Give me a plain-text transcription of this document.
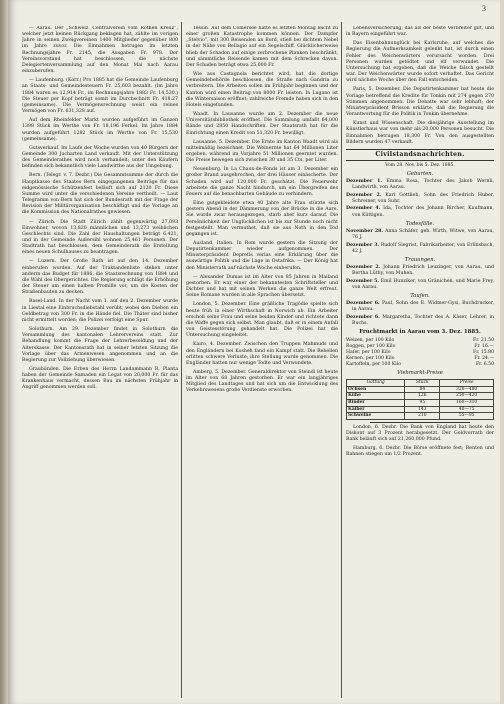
3
— Aarau. Der „Schweiz. Centralverein vom Rothen Kreuz“, welcher jetzt keinen Rückgang beklagen hat, zählte im vorigen Jahre in seinen Zweigvereinen 1400 Mitglieder gegenüber 800 im Jahre zuvor. Die Einnahmen betrugen im letzten Rechnungsjahre Fr. 2145, die Ausgaben Fr. 978. Der Vereinsvorstand hat beschlossen, die nächste Delegiertenversammlung auf den Monat Mai nach Aarau einzuberufen.
— Laufenburg. (Korr.) Pro 1885 hat die Gemeinde Laufenburg an Staats- und Gemeindesteuern Fr. 25,603 bezahlt. (Im Jahre 1884 waren es 12,914 Fr., im Rechnungsjahre 1883 Fr. 14,530.) Die Steuer per Kopf beträgt somit im Durchschnitt Fr. 418.27 (gemeinsame). Die Vermögensrechnung weist ein reines Vermögen von Fr. 631,328 auf.
Auf dem Rheinfelder Markt wurden aufgeführt im Ganzen 1398 Stück im Werthe von Fr. 18,196 Ferkel. Im Jahre 1884 wurden aufgeführt 1282 Stück im Werthe von Fr. 15,530 (gemeinsame).
Gutsverkauf. Im Laufe der Woche wurden von 40 Bürgern der Gemeinde 300 Jucharten Land verkauft. Mit der Unterstützung des Gemeinderathes wird noch verhandelt; unter den Käufern befinden sich bekanntlich viele Landwirthe aus der Umgebung.
Bern. (Telegr. v. 7. Dezbr.) Die Gesammtsumme der durch die Hauptkasse des Staates Bern eingegangenen Beiträge für das eidgenössische Schützenfest beläuft sich auf 2120 Fr. Diese Summe wird unter die verschiedenen Vereine vertheilt. — Laut Telegramm von Bern hat sich der Bundesrath mit der Frage der Revision der Militärorganisation beschäftigt und die Vorlage an die Kommission des Nationalrathes gewiesen.
— Zürich. Die Stadt Zürich zählt gegenwärtig 27,093 Einwohner, wovon 13,820 männlichen und 13,273 weiblichen Geschlechts sind. Die Zahl der Haushaltungen beträgt 6,421, und in der Gemeinde Außersihl wohnen 25,461 Personen. Der Stadtrath hat beschlossen, dem Gemeinderath die Erstellung eines neuen Schulhauses zu beantragen.
— Luzern. Der Große Rath ist auf den 14. Dezember einberufen worden. Auf der Traktandenliste stehen unter anderm das Budget für 1886, die Staatsrechnung von 1884 und die Wahl des Obergerichtes. Die Regierung schlägt die Erhöhung der Steuer um einen halben Promille vor, um die Kosten der Straßenbauten zu decken.
Basel-Land. In der Nacht vom 1. auf den 2. Dezember wurde in Liestal eine Einbruchsdiebstahl verübt, wobei den Dieben ein Geldbetrag von 300 Fr. in die Hände fiel. Die Thäter sind bisher nicht ermittelt worden; die Polizei verfolgt eine Spur.
Solothurn. Am 29. Dezember findet in Solothurn die Versammlung des kantonalen Lehrervereins statt. Zur Behandlung kommt die Frage der Lehrerbesoldung und der Alterskasse. Der Kantonsrath hat in seiner letzten Sitzung die Vorlage über das Armenwesen angenommen und an die Regierung zur Vollziehung überwiesen.
Graubünden. Die Erben des Herrn Landammann R. Planta haben der Gemeinde Samaden ein Legat von 20,000 Fr. für das Krankenhaus vermacht, dessen Bau im nächsten Frühjahr in Angriff genommen werden soll.
Tessin. Auf dem Comersee hatte es letzten Montag leicht zu einer großen Katastrophe kommen können. Der Dampfer „Stelvio“, mit 300 Reisenden an Bord, stieß bei dichtem Nebel in der Nähe von Bellagio auf ein Segelschiff. Glücklicherweise blieb der Schaden auf einige zerbrochene Planken beschränkt, und sämmtliche Reisende kamen mit dem Schrecken davon. Der Schaden beträgt etwa 25,000 Fr.
Wie aus Castagnola berichtet wird, hat die dortige Gemeindebehörde beschlossen, die Straße nach Gandria zu verbreitern. Die Arbeiten sollen im Frühjahr beginnen und der Kanton wird einen Beitrag von 8000 Fr. leisten. In Lugano ist die Wintersaison eröffnet; zahlreiche Fremde haben sich in den Hotels eingefunden.
Waadt. In Lausanne wurde am 2. Dezember die neue Universitätsbibliothek eröffnet. Die Sammlung umfaßt 64,000 Bände und 2850 Handschriften. Der Staatsrath hat für die Einrichtung einen Kredit von 51,320 Fr. bewilligt.
Lausanne, 5. Dezember. Die Ernte im Kanton Waadt wird als mittelmäßig bezeichnet. Die Weinernte hat 64 Millionen Liter ergeben, während im Vorjahre 51 Millionen geerntet wurden. Die Preise bewegen sich zwischen 30 und 35 Cts. per Liter.
Neuenburg. In La Chaux-de-Fonds ist am 3. Dezember ein großer Brand ausgebrochen, der drei Häuser einäscherte. Der Schaden wird auf 120,000 Fr. geschätzt. Die Feuerwehr arbeitete die ganze Nacht hindurch, um ein Übergreifen des Feuers auf die benachbarten Gebäude zu verhindern.
Eine gutgekleidete etwa 40 Jahre alte Frau stürzte sich gestern Abend in der Dämmerung von der Brücke in die Aare. Sie wurde zwar herausgezogen, starb aber kurz darauf. Die Persönlichkeit der Unglücklichen ist bis zur Stunde noch nicht festgestellt. Man vermuthet, daß sie aus Noth in den Tod gegangen ist.
Ausland. Italien. In Rom wurde gestern die Sitzung der Deputirtenkammer wieder aufgenommen. Der Ministerpräsident Depretis verlas eine Erklärung über die auswärtige Politik und die Lage in Ostafrika. — Der König hat den Ministerrath auf nächste Woche einberufen.
— Alexander Dumas ist im Alter von 85 Jahren in Mailand gestorben. Er war einer der bekanntesten Schriftsteller und Dichter und hat mit seinen Werken die ganze Welt erfreut. Seine Romane wurden in alle Sprachen übersetzt.
London, 5. Dezember. Eine gräßliche Tragödie spielte sich heute früh in einer Wirthschaft in Norwich ab. Ein Arbeiter erschoß seine Frau und seine beiden Kinder und richtete dann die Waffe gegen sich selbst. Man glaubt, daß er in einem Anfall von Geistesstörung gehandelt hat. Die Polizei hat die Untersuchung eingeleitet.
Kairo, 4. Dezember. Zwischen den Truppen Mahmuds und den Engländern bei Kosheh fand ein Kampf statt. Die Rebellen erlitten schwere Verluste; ihre Stellung wurde genommen. Die Engländer hatten nur wenige Todte und Verwundete.
Amberg, 5. Dezember. Generaldirektor von Steindl ist heute im Alter von 68 Jahren gestorben. Er war ein langjähriges Mitglied des Landtages und hat sich um die Entwicklung des Verkehrswesens große Verdienste erworben.
Lebensversicherung, das als der beste Verbreiter gilt, und in Bayern eingeführt war.
Das Eisenbahnunglück bei Karlsruhe, auf welches die Regierung die Aufmerksamkeit gelenkt hat, ist durch einen Fehler des Weichenwärters verursacht worden. Drei Personen wurden getödtet und elf verwundet. Die Untersuchung hat ergeben, daß die Weiche falsch gestellt war. Der Weichenwärter wurde sofort verhaftet. Das Gericht wird nächste Woche über den Fall entscheiden.
Paris, 5. Dezember. Die Deputirtenkammer hat heute die Vorlage betreffend die Kredite für Tonkin mit 274 gegen 270 Stimmen angenommen. Die Debatte war sehr lebhaft; der Ministerpräsident Brisson erklärte, daß die Regierung die Verantwortung für die Politik in Tonkin übernehme.
Kunst und Wissenschaft. Die diesjährige Ausstellung im Künstlerhaus war von mehr als 20,000 Personen besucht. Die Einnahmen betrugen 18,300 Fr. Von den ausgestellten Bildern wurden 47 verkauft.
Civilstandsnachrichten.
Vom 28. Nov. bis 5. Dez. 1885.
Geburten.
Dezember 1. Emma Rosa, Tochter des Jakob Wernli, Landwirth, von Aarau.
Dezember 2. Karl Gottlieb, Sohn des Friedrich Huber, Schreiner, von Suhr.
Dezember 4. Ida, Tochter des Johann Bircher, Kaufmann, von Küttigen.
Todesfälle.
November 28. Anna Schäfer, geb. Wirth, Witwe, von Aarau, 76 J.
Dezember 3. Rudolf Siegrist, Fabrikarbeiter, von Erlinsbach, 42 J.
Trauungen.
Dezember 2. Johann Friedrich Leuzinger, von Aarau, und Bertha Lüthy, von Muhen.
Dezember 5. Emil Hunziker, von Gränichen, und Marie Frey, von Aarau.
Taufen.
Dezember 6. Paul, Sohn des E. Widmer-Gysi, Buchdrucker, in Aarau.
Dezember 6. Margaretha, Tochter des A. Käser, Lehrer, in Buchs.
Fruchtmarkt in Aarau vom 3. Dez. 1885.
Weizen, per 100 Kilo	Fr. 21.50
Roggen, per 100 Kilo	Fr. 16.—
Hafer, per 100 Kilo	Fr. 15.80
Kernen, per 100 Kilo	Fr. 24.—
Kartoffeln, per 100 Kilo	Fr. 6.50
Viehmarkt-Preise
Gattung	Stück	Preise
Ochsen	84	320—480
Kühe	126	250—420
Rinder	95	160—310
Kälber	143	40—75
Schweine	210	55—95
London, 6. Dezbr. Die Bank von England hat heute den Diskont auf 3 Prozent herabgesetzt. Der Goldvorrath der Bank beläuft sich auf 21,260,000 Pfund.
Hamburg, 6. Dezbr. Die Börse eröffnete fest; Renten und Bahnen stiegen um 1/2 Prozent.
